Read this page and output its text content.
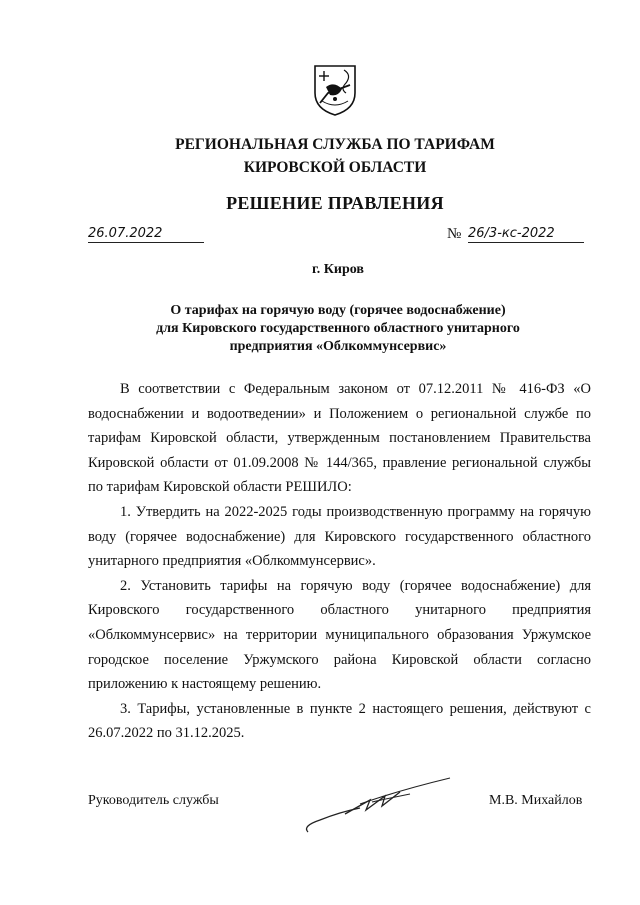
РЕГИОНАЛЬНАЯ СЛУЖБА ПО ТАРИФАМ
КИРОВСКОЙ ОБЛАСТИ
РЕШЕНИЕ ПРАВЛЕНИЯ
26.07.2022	№ 26/3-кс-2022
г. Киров
О тарифах на горячую воду (горячее водоснабжение)
для Кировского государственного областного унитарного
предприятия «Облкоммунсервис»

В соответствии с Федеральным законом от 07.12.2011 № 416-ФЗ «О водоснабжении и водоотведении» и Положением о региональной службе по тарифам Кировской области, утвержденным постановлением Правительства Кировской области от 01.09.2008 № 144/365, правление региональной службы по тарифам Кировской области РЕШИЛО:

1. Утвердить на 2022-2025 годы производственную программу на горячую воду (горячее водоснабжение) для Кировского государственного областного унитарного предприятия «Облкоммунсервис».

2. Установить тарифы на горячую воду (горячее водоснабжение) для Кировского государственного областного унитарного предприятия «Облкоммунсервис» на территории муниципального образования Уржумское городское поселение Уржумского района Кировской области согласно приложению к настоящему решению.

3. Тарифы, установленные в пункте 2 настоящего решения, действуют с 26.07.2022 по 31.12.2025.

Руководитель службы	М.В. Михайлов
